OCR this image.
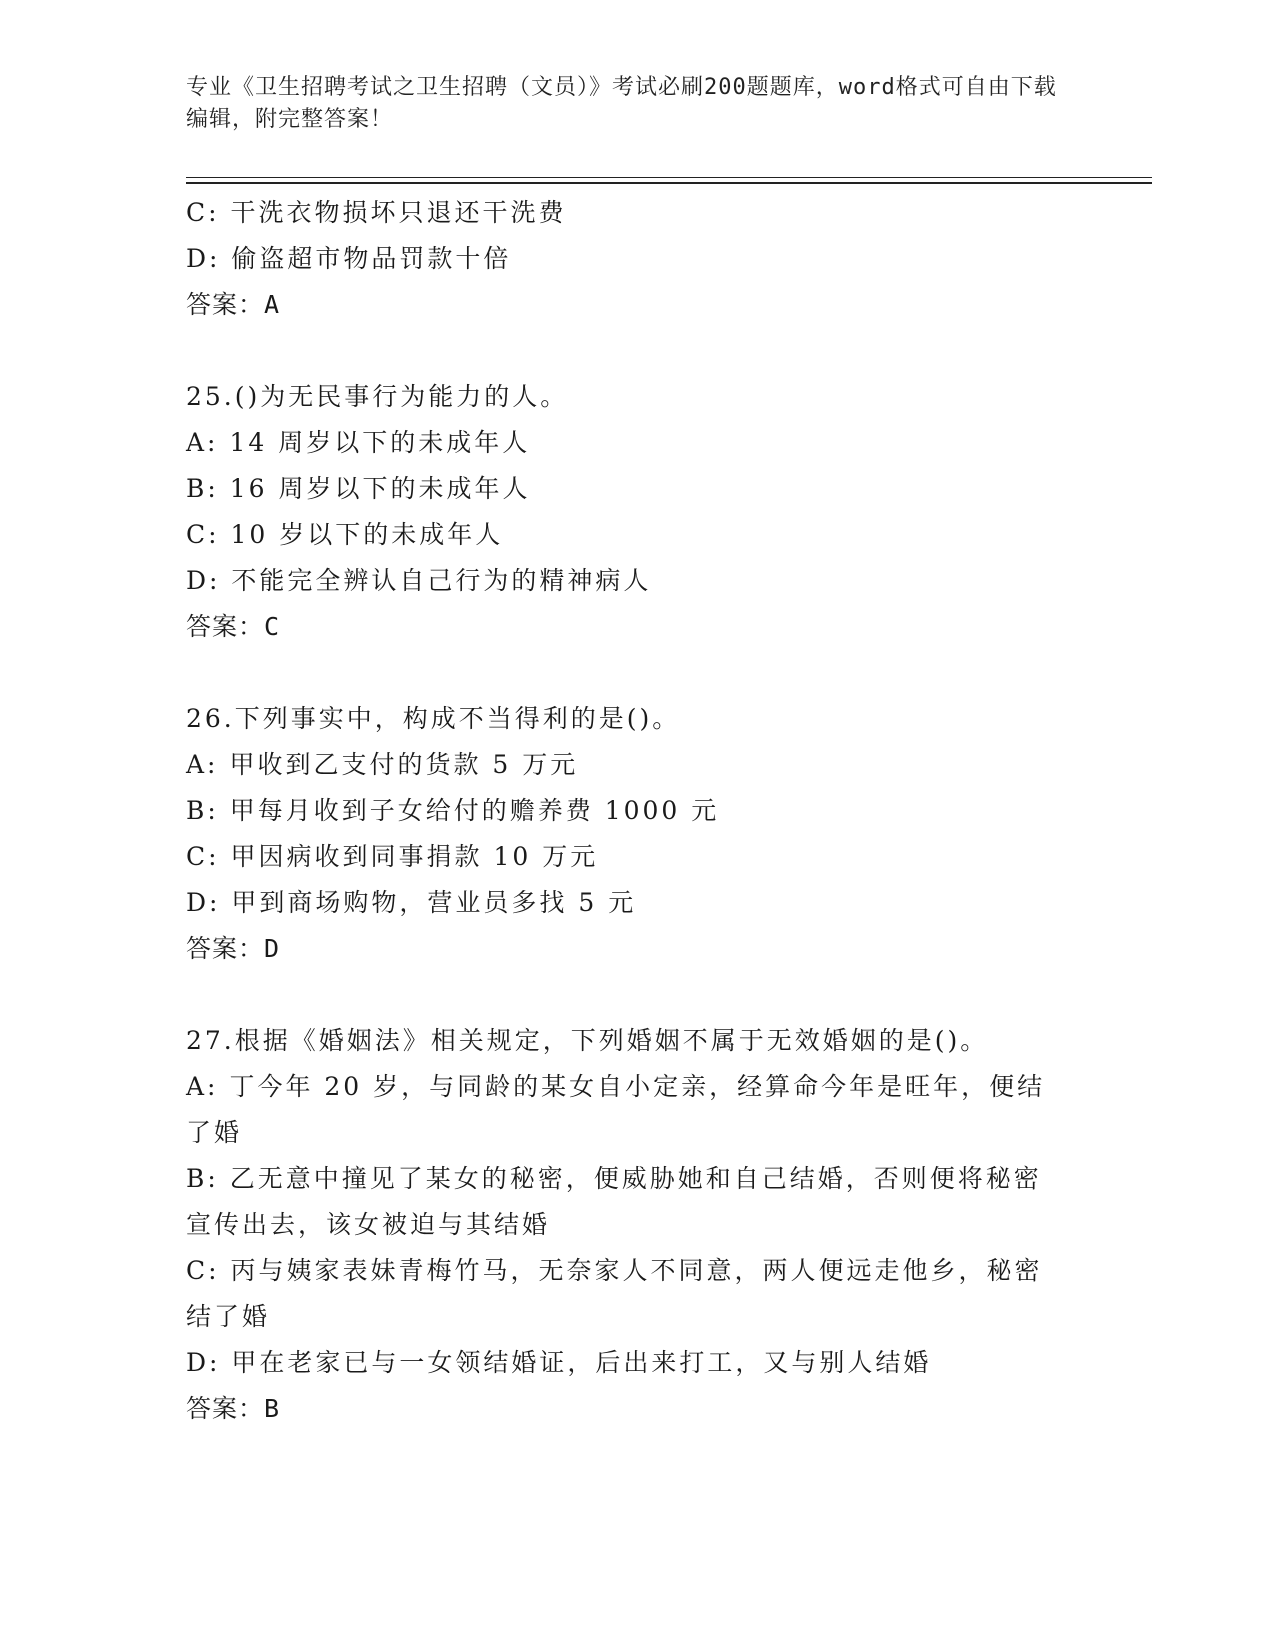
专业《卫生招聘考试之卫生招聘（文员）》考试必刷200题题库，word格式可自由下载编辑，附完整答案！
C: 干洗衣物损坏只退还干洗费
D: 偷盗超市物品罚款十倍
答案：A
25.()为无民事行为能力的人。
A: 14 周岁以下的未成年人
B: 16 周岁以下的未成年人
C: 10 岁以下的未成年人
D: 不能完全辨认自己行为的精神病人
答案：C
26.下列事实中，构成不当得利的是()。
A: 甲收到乙支付的货款 5 万元
B: 甲每月收到子女给付的赡养费 1000 元
C: 甲因病收到同事捐款 10 万元
D: 甲到商场购物，营业员多找 5 元
答案：D
27.根据《婚姻法》相关规定，下列婚姻不属于无效婚姻的是()。
A: 丁今年 20 岁，与同龄的某女自小定亲，经算命今年是旺年，便结了婚
B: 乙无意中撞见了某女的秘密，便威胁她和自己结婚，否则便将秘密宣传出去，该女被迫与其结婚
C: 丙与姨家表妹青梅竹马，无奈家人不同意，两人便远走他乡，秘密结了婚
D: 甲在老家已与一女领结婚证，后出来打工，又与别人结婚
答案：B
